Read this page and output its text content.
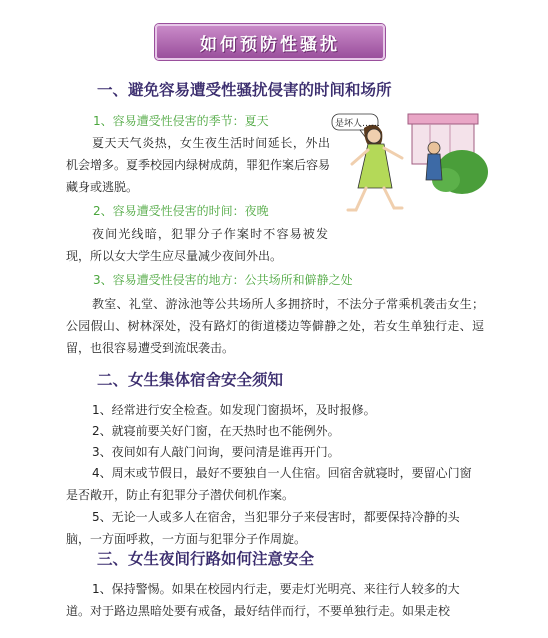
如何预防性骚扰

一、避免容易遭受性骚扰侵害的时间和场所

1、容易遭受性侵害的季节：夏天

夏天天气炎热，女生夜生活时间延长，外出机会增多。夏季校园内绿树成荫，罪犯作案后容易藏身或逃脱。

2、容易遭受性侵害的时间：夜晚

夜间光线暗，犯罪分子作案时不容易被发现，所以女大学生应尽量减少夜间外出。

3、容易遭受性侵害的地方：公共场所和僻静之处

教室、礼堂、游泳池等公共场所人多拥挤时，不法分子常乘机袭击女生；公园假山、树林深处，没有路灯的街道楼边等僻静之处，若女生单独行走、逗留，也很容易遭受到流氓袭击。

是坏人……

二、女生集体宿舍安全须知

1、经常进行安全检查。如发现门窗损坏，及时报修。

2、就寝前要关好门窗，在天热时也不能例外。

3、夜间如有人敲门问询，要问清是谁再开门。

4、周末或节假日，最好不要独自一人住宿。回宿舍就寝时，要留心门窗是否敞开，防止有犯罪分子潜伏伺机作案。

5、无论一人或多人在宿舍，当犯罪分子来侵害时，都要保持冷静的头脑，一方面呼救，一方面与犯罪分子作周旋。

三、女生夜间行路如何注意安全

1、保持警惕。如果在校园内行走，要走灯光明亮、来往行人较多的大道。对于路边黑暗处要有戒备，最好结伴而行，不要单独行走。如果走校
